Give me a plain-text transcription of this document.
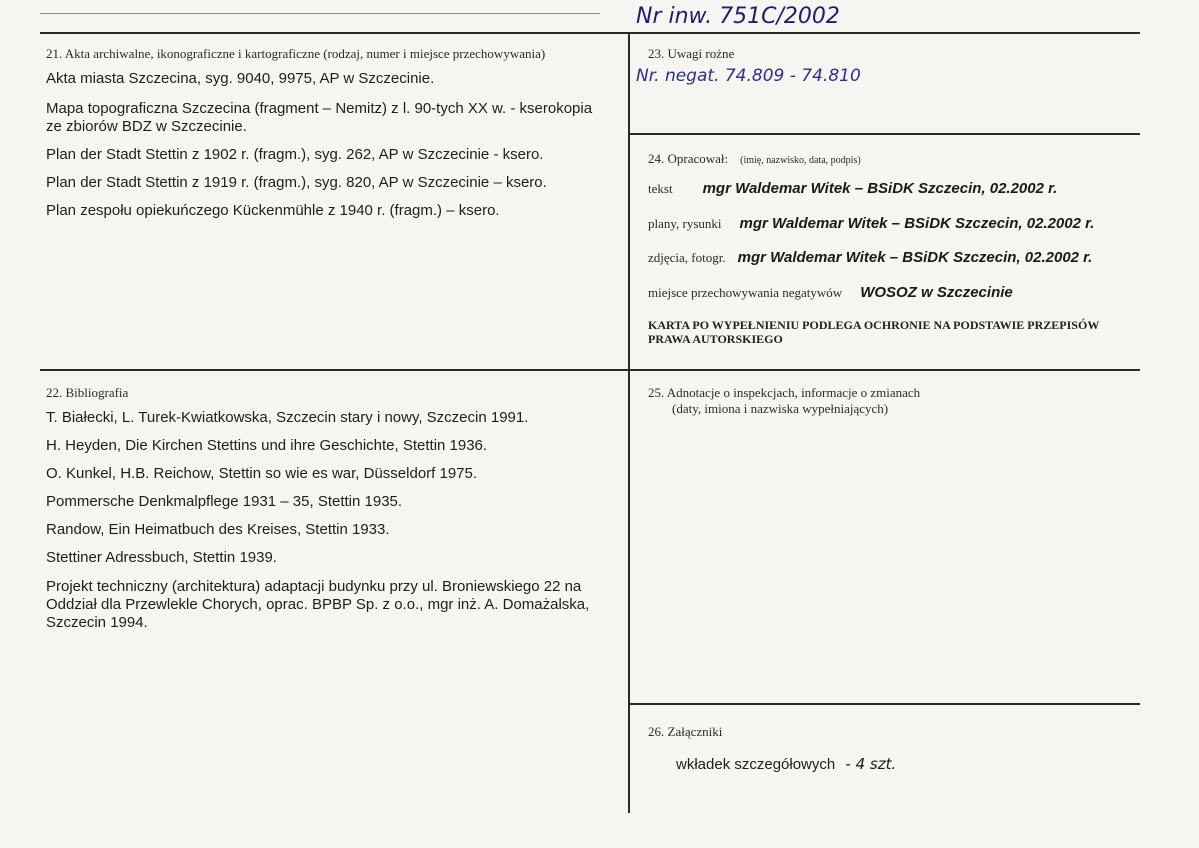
Nr inw. 751C/2002
21. Akta archiwalne, ikonograficzne i kartograficzne (rodzaj, numer i miejsce przechowywania)
Akta miasta Szczecina, syg. 9040, 9975, AP w Szczecinie.
Mapa topograficzna Szczecina (fragment – Nemitz) z l. 90-tych XX w. - kserokopia
ze zbiorów BDZ w Szczecinie.
Plan der Stadt Stettin z 1902 r. (fragm.), syg. 262, AP w Szczecinie - ksero.
Plan der Stadt Stettin z 1919 r. (fragm.), syg. 820, AP w Szczecinie – ksero.
Plan zespołu opiekuńczego Kückenmühle z 1940 r. (fragm.) – ksero.
22. Bibliografia
T. Białecki, L. Turek-Kwiatkowska, Szczecin stary i nowy, Szczecin 1991.
H. Heyden, Die Kirchen Stettins und ihre Geschichte, Stettin 1936.
O. Kunkel, H.B. Reichow, Stettin so wie es war, Düsseldorf 1975.
Pommersche Denkmalpflege 1931 – 35, Stettin 1935.
Randow, Ein Heimatbuch des Kreises, Stettin 1933.
Stettiner Adressbuch, Stettin 1939.
Projekt techniczny (architektura) adaptacji budynku przy ul. Broniewskiego 22 na
Oddział dla Przewlekle Chorych, oprac. BPBP Sp. z o.o., mgr inż. A. Domażalska,
Szczecin 1994.
23. Uwagi rożne
Nr. negat. 74.809 - 74.810
24. Opracował: (imię, nazwisko, data, podpis)
tekst mgr Waldemar Witek – BSiDK Szczecin, 02.2002 r.
plany, rysunki mgr Waldemar Witek – BSiDK Szczecin, 02.2002 r.
zdjęcia, fotogr. mgr Waldemar Witek – BSiDK Szczecin, 02.2002 r.
miejsce przechowywania negatywów WOSOZ w Szczecinie
KARTA PO WYPEŁNIENIU PODLEGA OCHRONIE NA PODSTAWIE PRZEPISÓW
PRAWA AUTORSKIEGO
25. Adnotacje o inspekcjach, informacje o zmianach
(daty, imiona i nazwiska wypełniających)
26. Załączniki
wkładek szczegółowych - 4 szt.
